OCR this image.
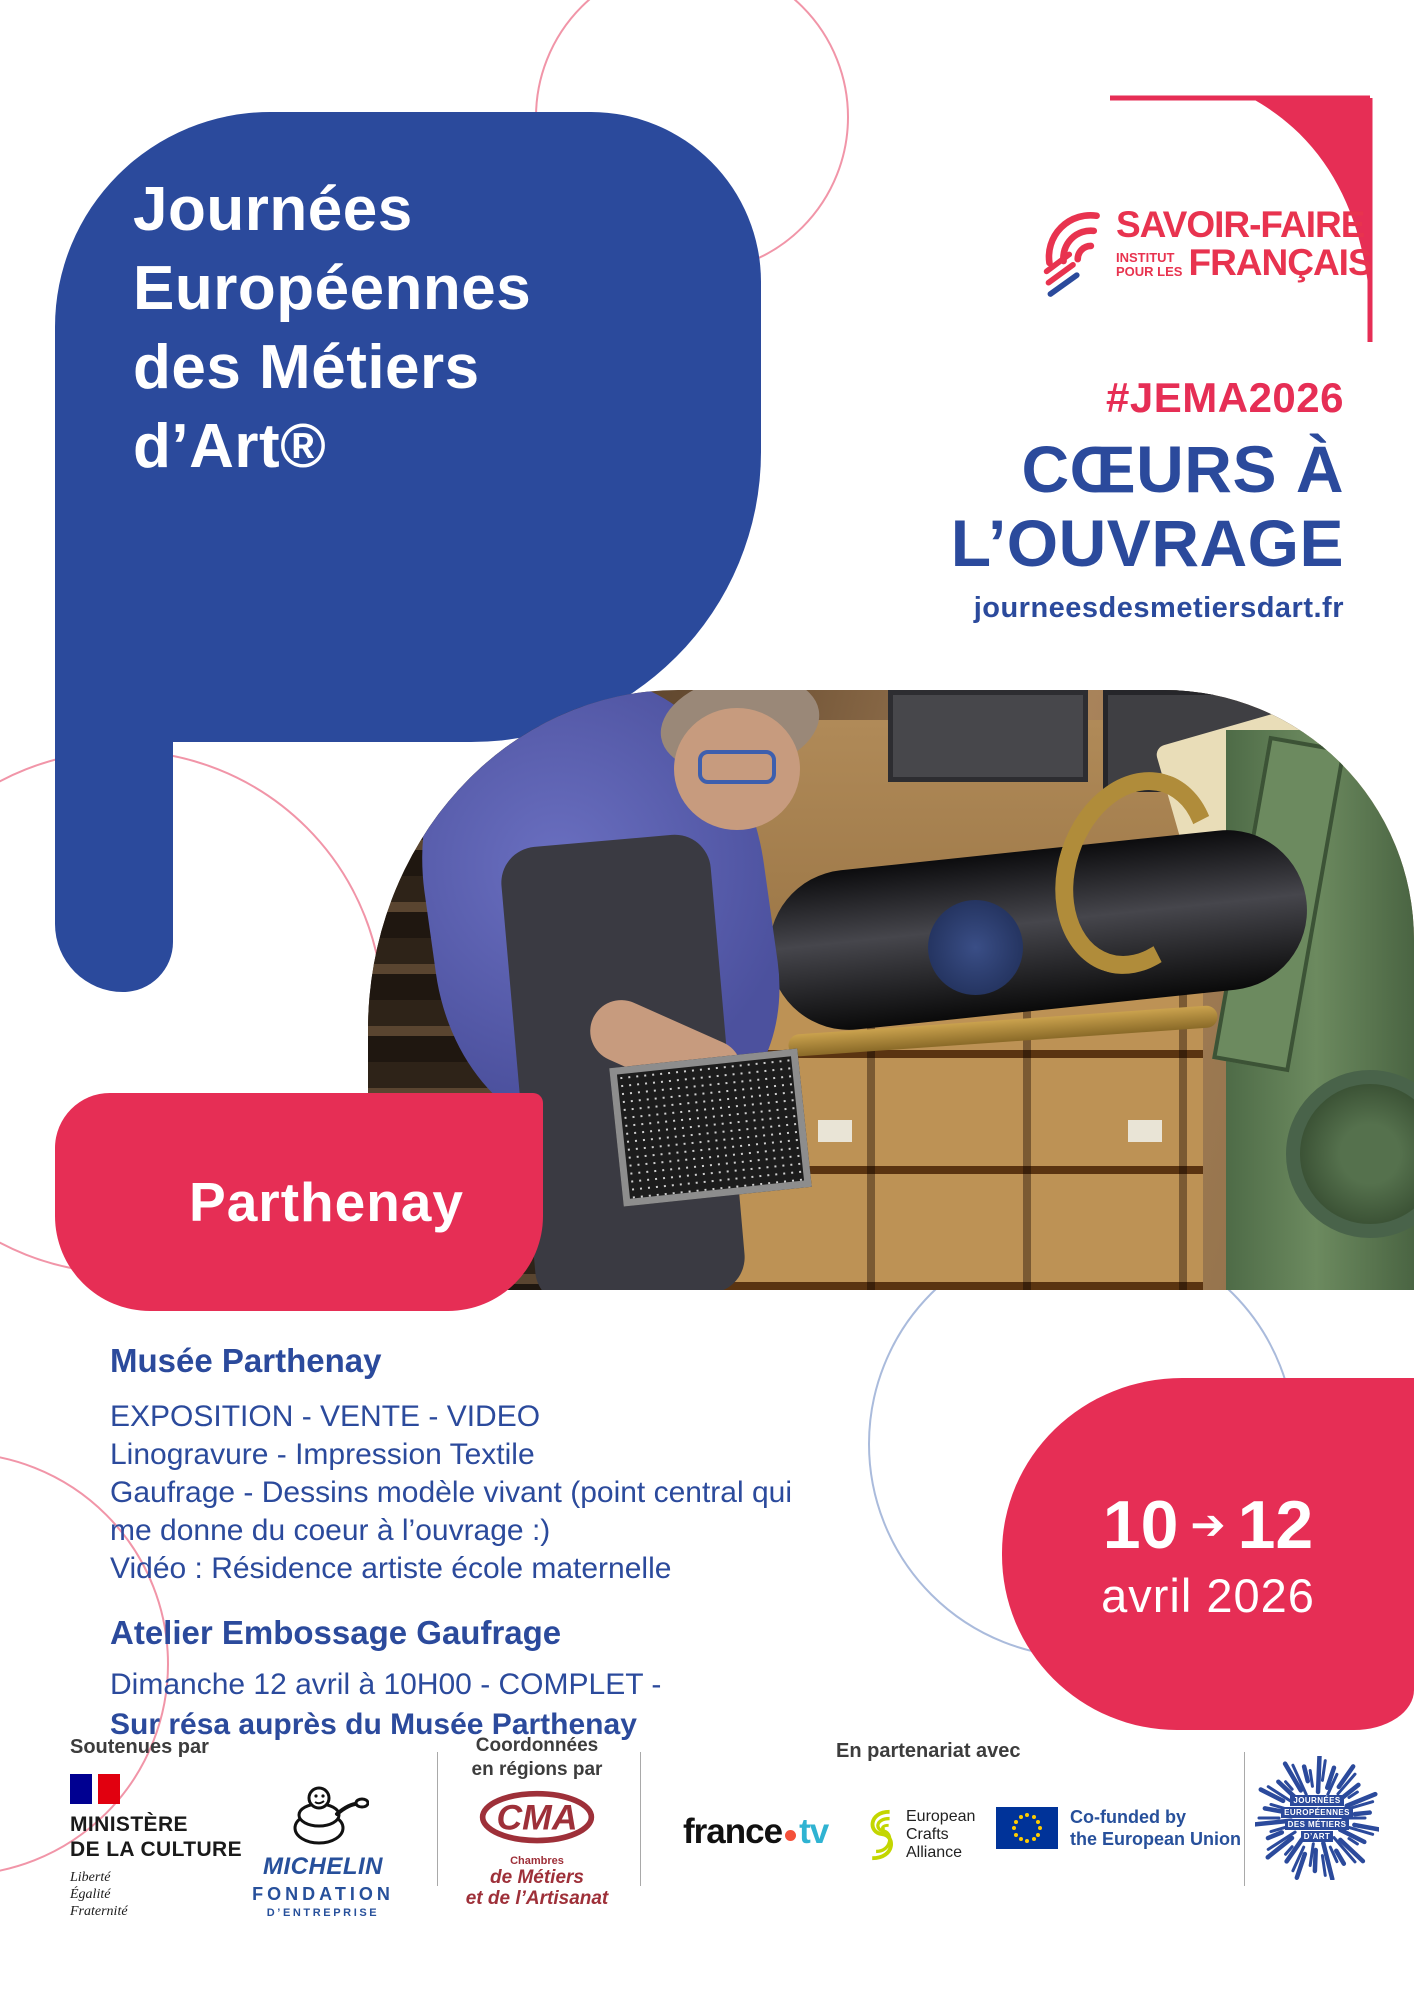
Journées
Européennes
des Métiers
d’Art®
SAVOIR-FAIRE
INSTITUT
POUR LES FRANÇAIS
#JEMA2026
CŒURS À
L’OUVRAGE
journeesdesmetiersdart.fr
Parthenay
10 ➔ 12
avril 2026
Musée Parthenay
EXPOSITION - VENTE - VIDEO
Linogravure - Impression Textile
Gaufrage - Dessins modèle vivant (point central qui
me donne du coeur à l’ouvrage :)
Vidéo : Résidence artiste école maternelle
Atelier Embossage Gaufrage
Dimanche 12 avril à 10H00 - COMPLET -
Sur résa auprès du Musée Parthenay
Soutenues par
MINISTÈRE
DE LA CULTURE
Liberté
Égalité
Fraternité
MICHELIN
FONDATION
D’ENTREPRISE
Coordonnées
en régions par
CMA
Chambres
de Métiers
et de l’Artisanat
france tv
En partenariat avec
European
Crafts
Alliance
Co-funded by
the European Union
JOURNÉES
EUROPÉENNES
DES MÉTIERS
D’ART
